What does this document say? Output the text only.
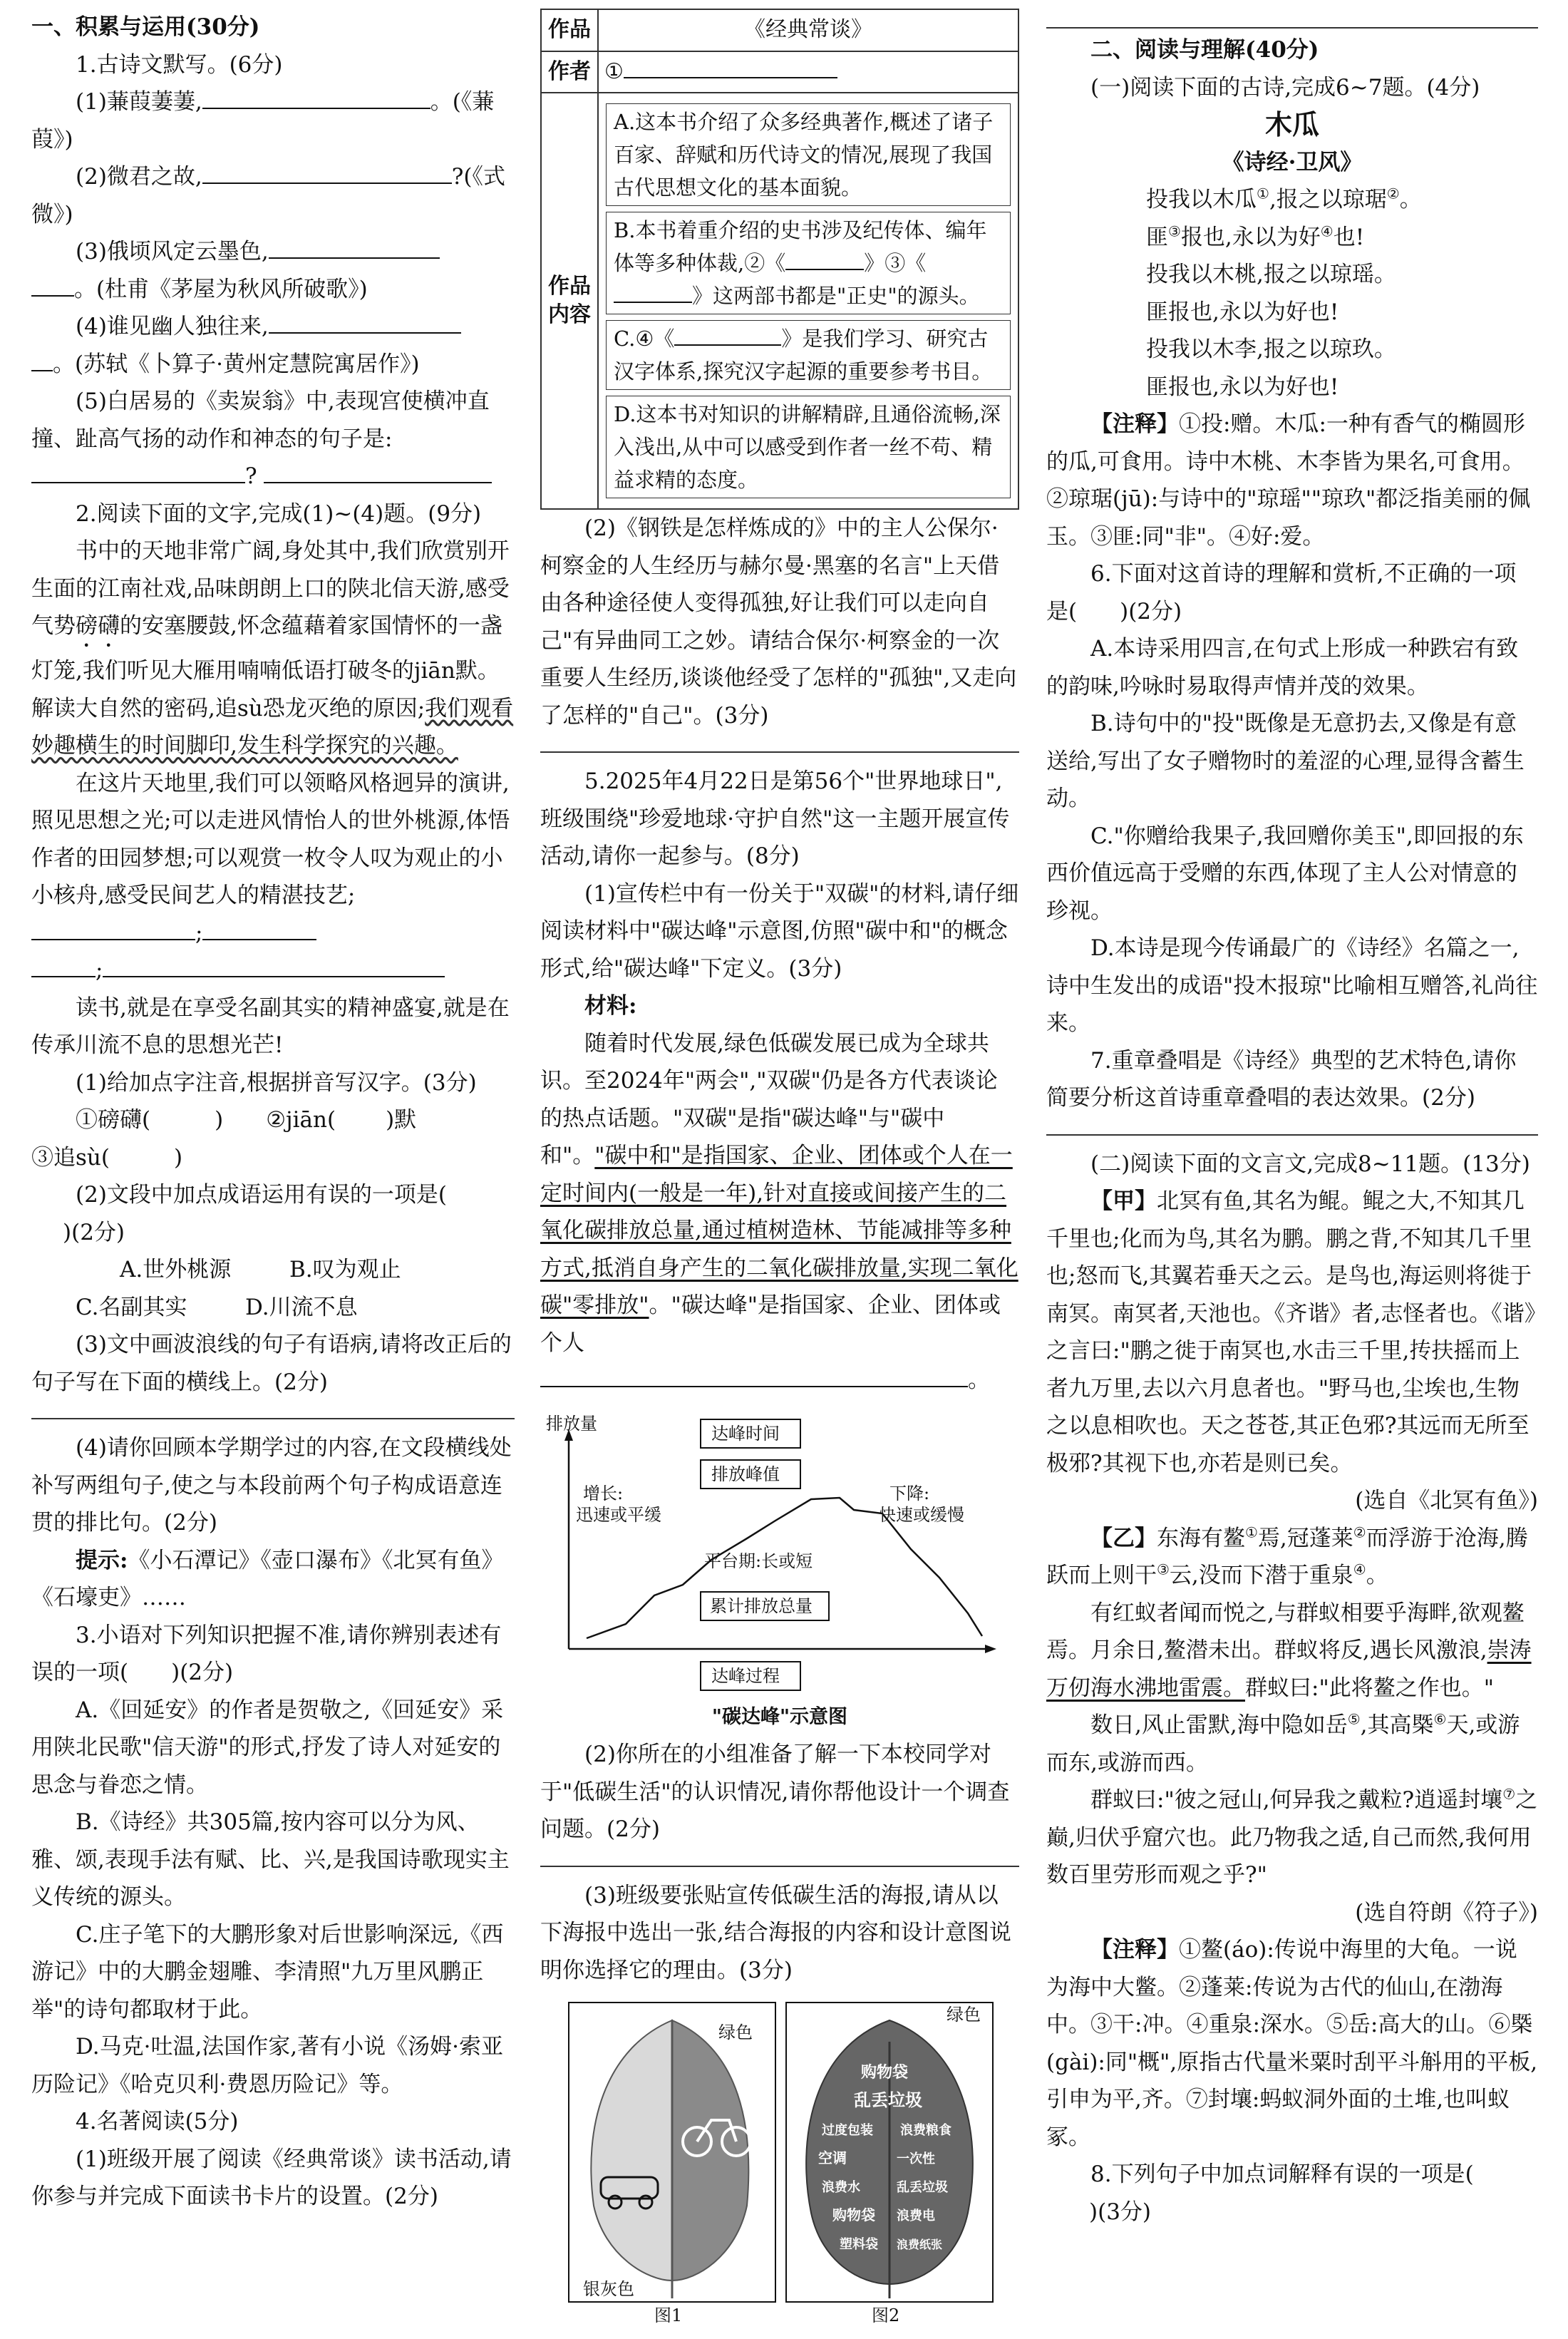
一、积累与运用(30分)

1.古诗文默写。(6分)

(1)蒹葭萋萋,	。(《蒹葭》)

(2)微君之故,	?(《式微》)

(3)俄顷风定云墨色,
。(杜甫《茅屋为秋风所破歌》)

(4)谁见幽人独往来,
。(苏轼《卜算子·黄州定慧院寓居作》)

(5)白居易的《卖炭翁》中,表现宫使横冲直撞、趾高气扬的动作和神态的句子是:
?

2.阅读下面的文字,完成(1)~(4)题。(9分)

书中的天地非常广阔,身处其中,我们欣赏别开生面的江南社戏,品味朗朗上口的陕北信天游,感受气势磅礴的安塞腰鼓,怀念蕴藉着家国情怀的一盏灯笼,我们听见大雁用喃喃低语打破冬的jiān默。解读大自然的密码,追sù恐龙灭绝的原因;我们观看妙趣横生的时间脚印,发生科学探究的兴趣。

在这片天地里,我们可以领略风格迥异的演讲,照见思想之光;可以走进风情怡人的世外桃源,体悟作者的田园梦想;可以观赏一枚令人叹为观止的小小核舟,感受民间艺人的精湛技艺;;
;

读书,就是在享受名副其实的精神盛宴,就是在传承川流不息的思想光芒!

(1)给加点字注音,根据拼音写汉字。(3分)

①磅礴(	) ②jiān( )默
③追sù(	)

(2)文段中加点成语运用有误的一项是(
)(2分)

A.世外桃源	B.叹为观止
C.名副其实	D.川流不息

(3)文中画波浪线的句子有语病,请将改正后的句子写在下面的横线上。(2分)

(4)请你回顾本学期学过的内容,在文段横线处补写两组句子,使之与本段前两个句子构成语意连贯的排比句。(2分)

提示:《小石潭记》《壶口瀑布》《北冥有鱼》《石壕吏》……

3.小语对下列知识把握不准,请你辨别表述有误的一项( )(2分)

A.《回延安》的作者是贺敬之,《回延安》采用陕北民歌"信天游"的形式,抒发了诗人对延安的思念与眷恋之情。

B.《诗经》共305篇,按内容可以分为风、雅、颂,表现手法有赋、比、兴,是我国诗歌现实主义传统的源头。

C.庄子笔下的大鹏形象对后世影响深远,《西游记》中的大鹏金翅雕、李清照"九万里风鹏正举"的诗句都取材于此。

D.马克·吐温,法国作家,著有小说《汤姆·索亚历险记》《哈克贝利·费恩历险记》等。

4.名著阅读(5分)

(1)班级开展了阅读《经典常谈》读书活动,请你参与并完成下面读书卡片的设置。(2分)

作品	《经典常谈》
作者	①
作品内容	A.这本书介绍了众多经典著作,概述了诸子百家、辞赋和历代诗文的情况,展现了我国古代思想文化的基本面貌。
B.本书着重介绍的史书涉及纪传体、编年体等多种体裁,②《 》③《》这两部书都是"正史"的源头。
C.④《 》是我们学习、研究古汉字体系,探究汉字起源的重要参考书目。
D.这本书对知识的讲解精辟,且通俗流畅,深入浅出,从中可以感受到作者一丝不苟、精益求精的态度。

(2)《钢铁是怎样炼成的》中的主人公保尔·柯察金的人生经历与赫尔曼·黑塞的名言"上天借由各种途径使人变得孤独,好让我们可以走向自己"有异曲同工之妙。请结合保尔·柯察金的一次重要人生经历,谈谈他经受了怎样的"孤独",又走向了怎样的"自己"。(3分)

5.2025年4月22日是第56个"世界地球日",班级围绕"珍爱地球·守护自然"这一主题开展宣传活动,请你一起参与。(8分)

(1)宣传栏中有一份关于"双碳"的材料,请仔细阅读材料中"碳达峰"示意图,仿照"碳中和"的概念形式,给"碳达峰"下定义。(3分)

材料:

随着时代发展,绿色低碳发展已成为全球共识。至2024年"两会","双碳"仍是各方代表谈论的热点话题。"双碳"是指"碳达峰"与"碳中和"。"碳中和"是指国家、企业、团体或个人在一定时间内(一般是一年),针对直接或间接产生的二氧化碳排放总量,通过植树造林、节能减排等多种方式,抵消自身产生的二氧化碳排放量,实现二氧化碳"零排放"。"碳达峰"是指国家、企业、团体或个人
。

排放量	达峰时间
排放峰值
增长:
迅速或平缓
下降:
快速或缓慢
平台期:长或短
累计排放总量
达峰过程

"碳达峰"示意图

(2)你所在的小组准备了解一下本校同学对于"低碳生活"的认识情况,请你帮他设计一个调查问题。(2分)

(3)班级要张贴宣传低碳生活的海报,请从以下海报中选出一张,结合海报的内容和设计意图说明你选择它的理由。(3分)

绿色
银灰色
图1
购物袋
乱丢垃圾
过度包装 浪费粮食
空调	一次性
浪费水	乱丢垃圾
购物袋 浪费电
塑料袋 浪费纸张
绿色
图2

二、阅读与理解(40分)

(一)阅读下面的古诗,完成6~7题。(4分)

木瓜

《诗经·卫风》

投我以木瓜①,报之以琼琚②。

匪③报也,永以为好④也!

投我以木桃,报之以琼瑶。

匪报也,永以为好也!

投我以木李,报之以琼玖。

匪报也,永以为好也!

【注释】①投:赠。木瓜:一种有香气的椭圆形的瓜,可食用。诗中木桃、木李皆为果名,可食用。②琼琚(jū):与诗中的"琼瑶""琼玖"都泛指美丽的佩玉。③匪:同"非"。④好:爱。

6.下面对这首诗的理解和赏析,不正确的一项是( )(2分)

A.本诗采用四言,在句式上形成一种跌宕有致的韵味,吟咏时易取得声情并茂的效果。

B.诗句中的"投"既像是无意扔去,又像是有意送给,写出了女子赠物时的羞涩的心理,显得含蓄生动。

C."你赠给我果子,我回赠你美玉",即回报的东西价值远高于受赠的东西,体现了主人公对情意的珍视。

D.本诗是现今传诵最广的《诗经》名篇之一,诗中生发出的成语"投木报琼"比喻相互赠答,礼尚往来。

7.重章叠唱是《诗经》典型的艺术特色,请你简要分析这首诗重章叠唱的表达效果。(2分)

(二)阅读下面的文言文,完成8~11题。(13分)

【甲】北冥有鱼,其名为鲲。鲲之大,不知其几千里也;化而为鸟,其名为鹏。鹏之背,不知其几千里也;怒而飞,其翼若垂天之云。是鸟也,海运则将徙于南冥。南冥者,天池也。《齐谐》者,志怪者也。《谐》之言曰:"鹏之徙于南冥也,水击三千里,抟扶摇而上者九万里,去以六月息者也。"野马也,尘埃也,生物之以息相吹也。天之苍苍,其正色邪?其远而无所至极邪?其视下也,亦若是则已矣。

(选自《北冥有鱼》)

【乙】东海有鳌①焉,冠蓬莱②而浮游于沧海,腾跃而上则干③云,没而下潜于重泉④。

有红蚁者闻而悦之,与群蚁相要乎海畔,欲观鳌焉。月余日,鳌潜未出。群蚁将反,遇长风激浪,崇涛万仞海水沸地雷震。群蚁曰:"此将鳌之作也。"

数日,风止雷默,海中隐如岳⑤,其高槩⑥天,或游而东,或游而西。

群蚁曰:"彼之冠山,何异我之戴粒?逍遥封壤⑦之巅,归伏乎窟穴也。此乃物我之适,自己而然,我何用数百里劳形而观之乎?"

(选自符朗《符子》)

【注释】①鳌(áo):传说中海里的大龟。一说为海中大鳖。②蓬莱:传说为古代的仙山,在渤海中。③干:冲。④重泉:深水。⑤岳:高大的山。⑥槩(gài):同"概",原指古代量米粟时刮平斗斛用的平板,引申为平,齐。⑦封壤:蚂蚁洞外面的土堆,也叫蚁冢。

8.下列句子中加点词解释有误的一项是(
)(3分)
